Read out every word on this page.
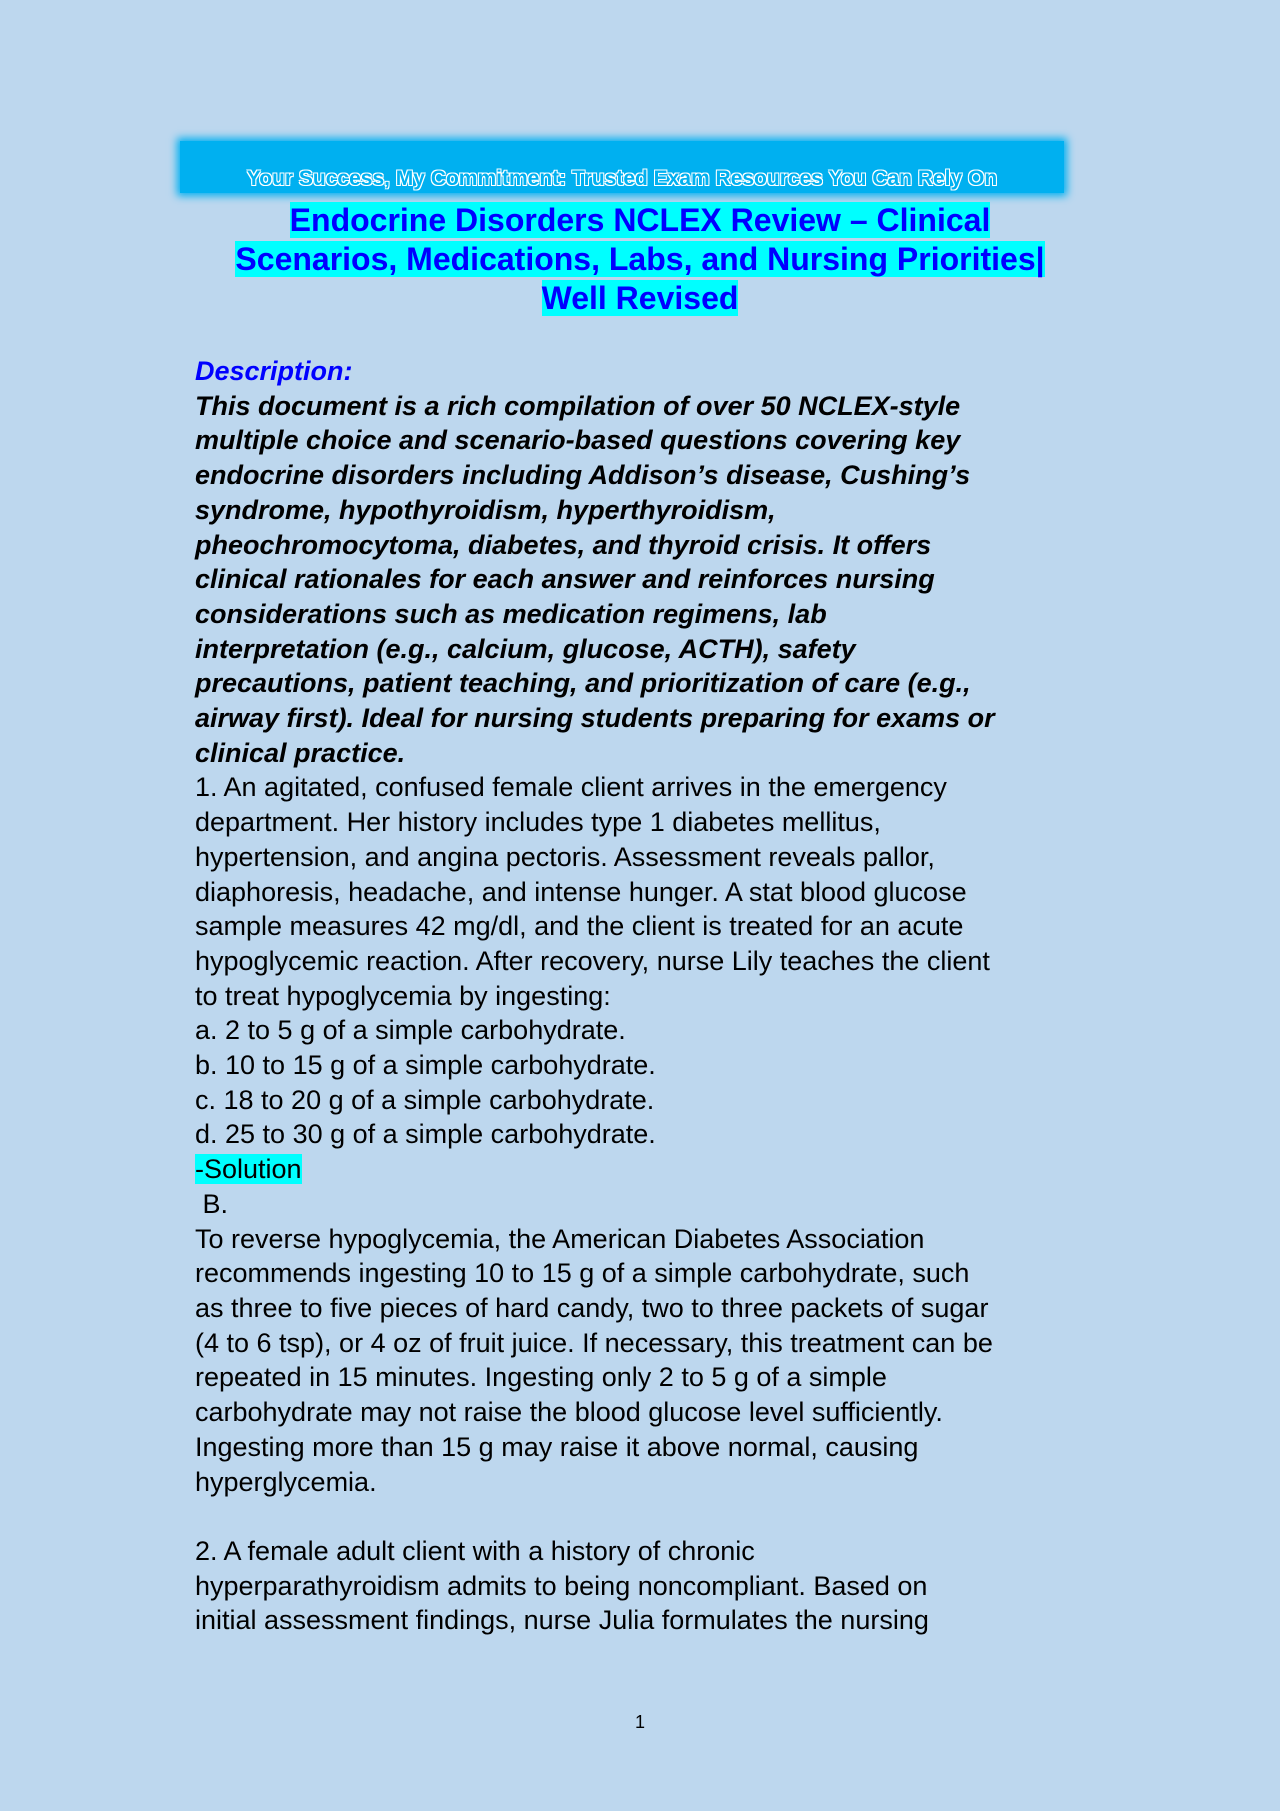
Your Success, My Commitment: Trusted Exam Resources You Can Rely On
Endocrine Disorders NCLEX Review – Clinical
Scenarios, Medications, Labs, and Nursing Priorities|
Well Revised
Description:
This document is a rich compilation of over 50 NCLEX-style
multiple choice and scenario-based questions covering key
endocrine disorders including Addison’s disease, Cushing’s
syndrome, hypothyroidism, hyperthyroidism,
pheochromocytoma, diabetes, and thyroid crisis. It offers
clinical rationales for each answer and reinforces nursing
considerations such as medication regimens, lab
interpretation (e.g., calcium, glucose, ACTH), safety
precautions, patient teaching, and prioritization of care (e.g.,
airway first). Ideal for nursing students preparing for exams or
clinical practice.
1. An agitated, confused female client arrives in the emergency
department. Her history includes type 1 diabetes mellitus,
hypertension, and angina pectoris. Assessment reveals pallor,
diaphoresis, headache, and intense hunger. A stat blood glucose
sample measures 42 mg/dl, and the client is treated for an acute
hypoglycemic reaction. After recovery, nurse Lily teaches the client
to treat hypoglycemia by ingesting:
a. 2 to 5 g of a simple carbohydrate.
b. 10 to 15 g of a simple carbohydrate.
c. 18 to 20 g of a simple carbohydrate.
d. 25 to 30 g of a simple carbohydrate.
-Solution
B.
To reverse hypoglycemia, the American Diabetes Association
recommends ingesting 10 to 15 g of a simple carbohydrate, such
as three to five pieces of hard candy, two to three packets of sugar
(4 to 6 tsp), or 4 oz of fruit juice. If necessary, this treatment can be
repeated in 15 minutes. Ingesting only 2 to 5 g of a simple
carbohydrate may not raise the blood glucose level sufficiently.
Ingesting more than 15 g may raise it above normal, causing
hyperglycemia.
2. A female adult client with a history of chronic
hyperparathyroidism admits to being noncompliant. Based on
initial assessment findings, nurse Julia formulates the nursing
1
